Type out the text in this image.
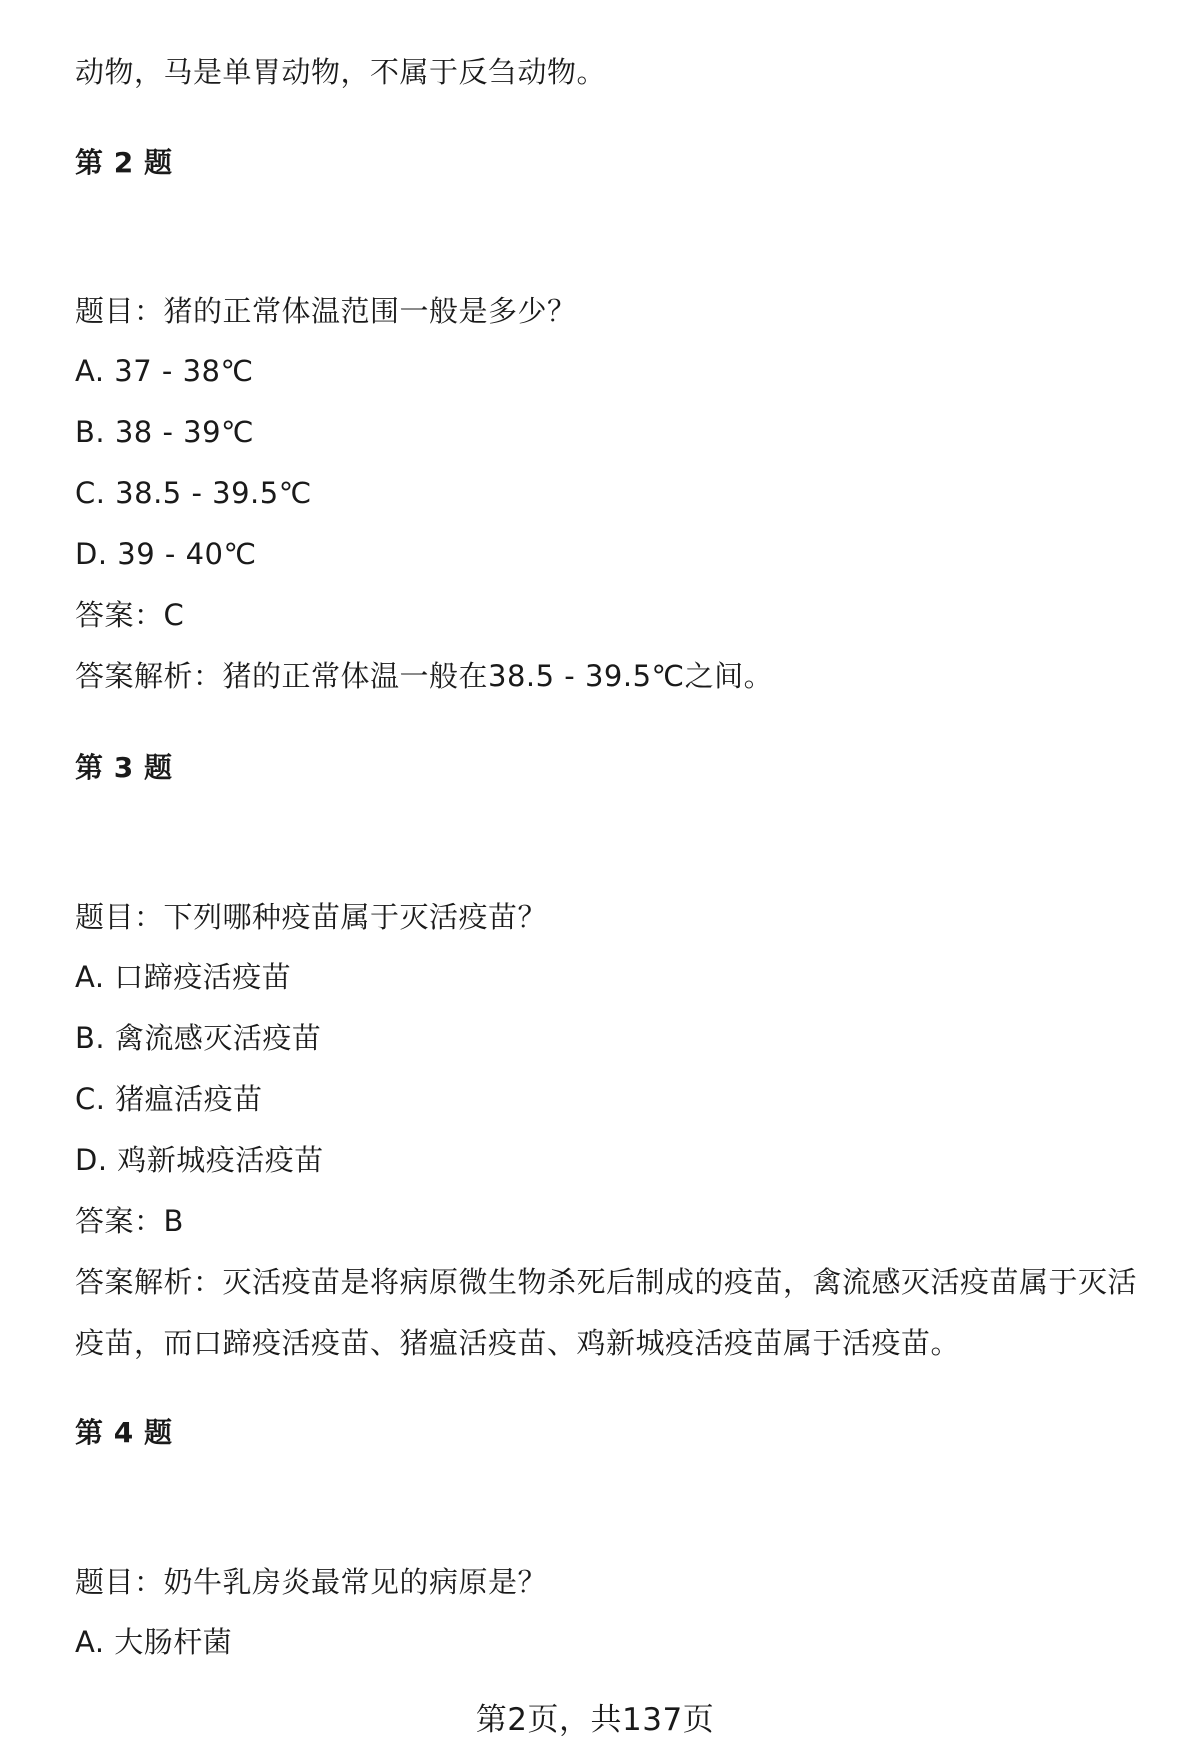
动物，马是单胃动物，不属于反刍动物。
第 2 题
题目：猪的正常体温范围一般是多少？
A. 37 - 38℃
B. 38 - 39℃
C. 38.5 - 39.5℃
D. 39 - 40℃
答案：C
答案解析：猪的正常体温一般在38.5 - 39.5℃之间。
第 3 题
题目：下列哪种疫苗属于灭活疫苗？
A. 口蹄疫活疫苗
B. 禽流感灭活疫苗
C. 猪瘟活疫苗
D. 鸡新城疫活疫苗
答案：B
答案解析：灭活疫苗是将病原微生物杀死后制成的疫苗，禽流感灭活疫苗属于灭活疫苗，而口蹄疫活疫苗、猪瘟活疫苗、鸡新城疫活疫苗属于活疫苗。
第 4 题
题目：奶牛乳房炎最常见的病原是？
A. 大肠杆菌
第2页，共137页
